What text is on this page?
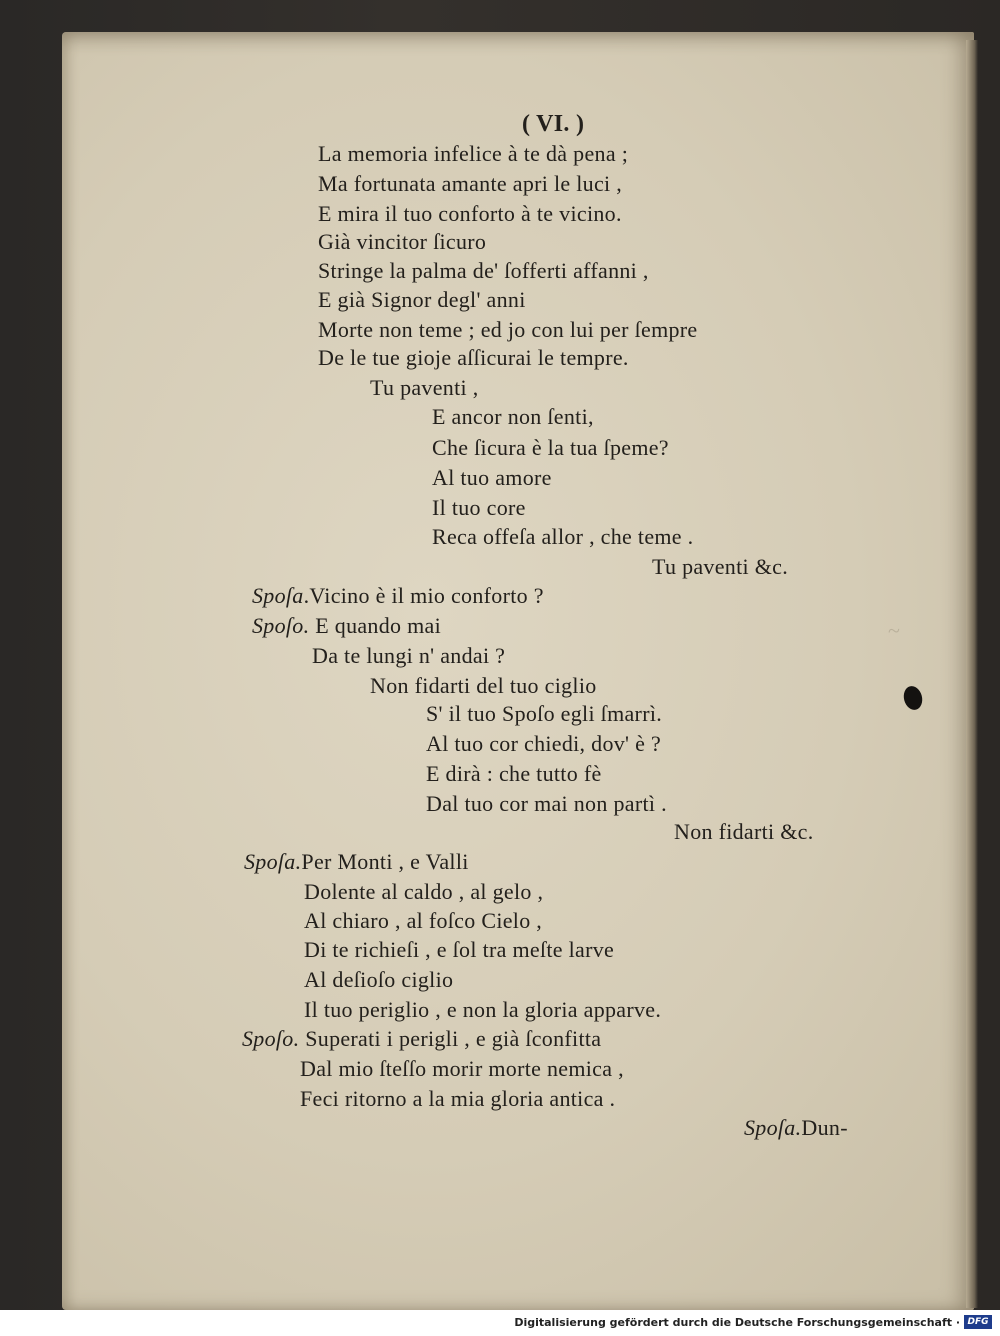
~
( VI. )
La memoria infelice à te dà pena ;
Ma fortunata amante apri le luci ,
E mira il tuo conforto à te vicino.
Già vincitor ſicuro
Stringe la palma de' ſofferti affanni ,
E già Signor degl' anni
Morte non teme ; ed jo con lui per ſempre
De le tue gioje aſſicurai le tempre.
Tu paventi ,
E ancor non ſenti,
Che ſicura è la tua ſpeme?
Al tuo amore
Il tuo core
Reca offeſa allor , che teme .
Tu paventi &c.
Spoſa.Vicino è il mio conforto ?
Spoſo. E quando mai
Da te lungi n' andai ?
Non fidarti del tuo ciglio
S' il tuo Spoſo egli ſmarrì.
Al tuo cor chiedi, dov' è ?
E dirà : che tutto fè
Dal tuo cor mai non partì .
Non fidarti &c.
Spoſa.Per Monti , e Valli
Dolente al caldo , al gelo ,
Al chiaro , al foſco Cielo ,
Di te richieſi , e ſol tra meſte larve
Al deſioſo ciglio
Il tuo periglio , e non la gloria apparve.
Spoſo. Superati i perigli , e già ſconfitta
Dal mio ſteſſo morir morte nemica ,
Feci ritorno a la mia gloria antica .
Spoſa.Dun-
Digitalisierung gefördert durch die Deutsche Forschungsgemeinschaft · DFG
